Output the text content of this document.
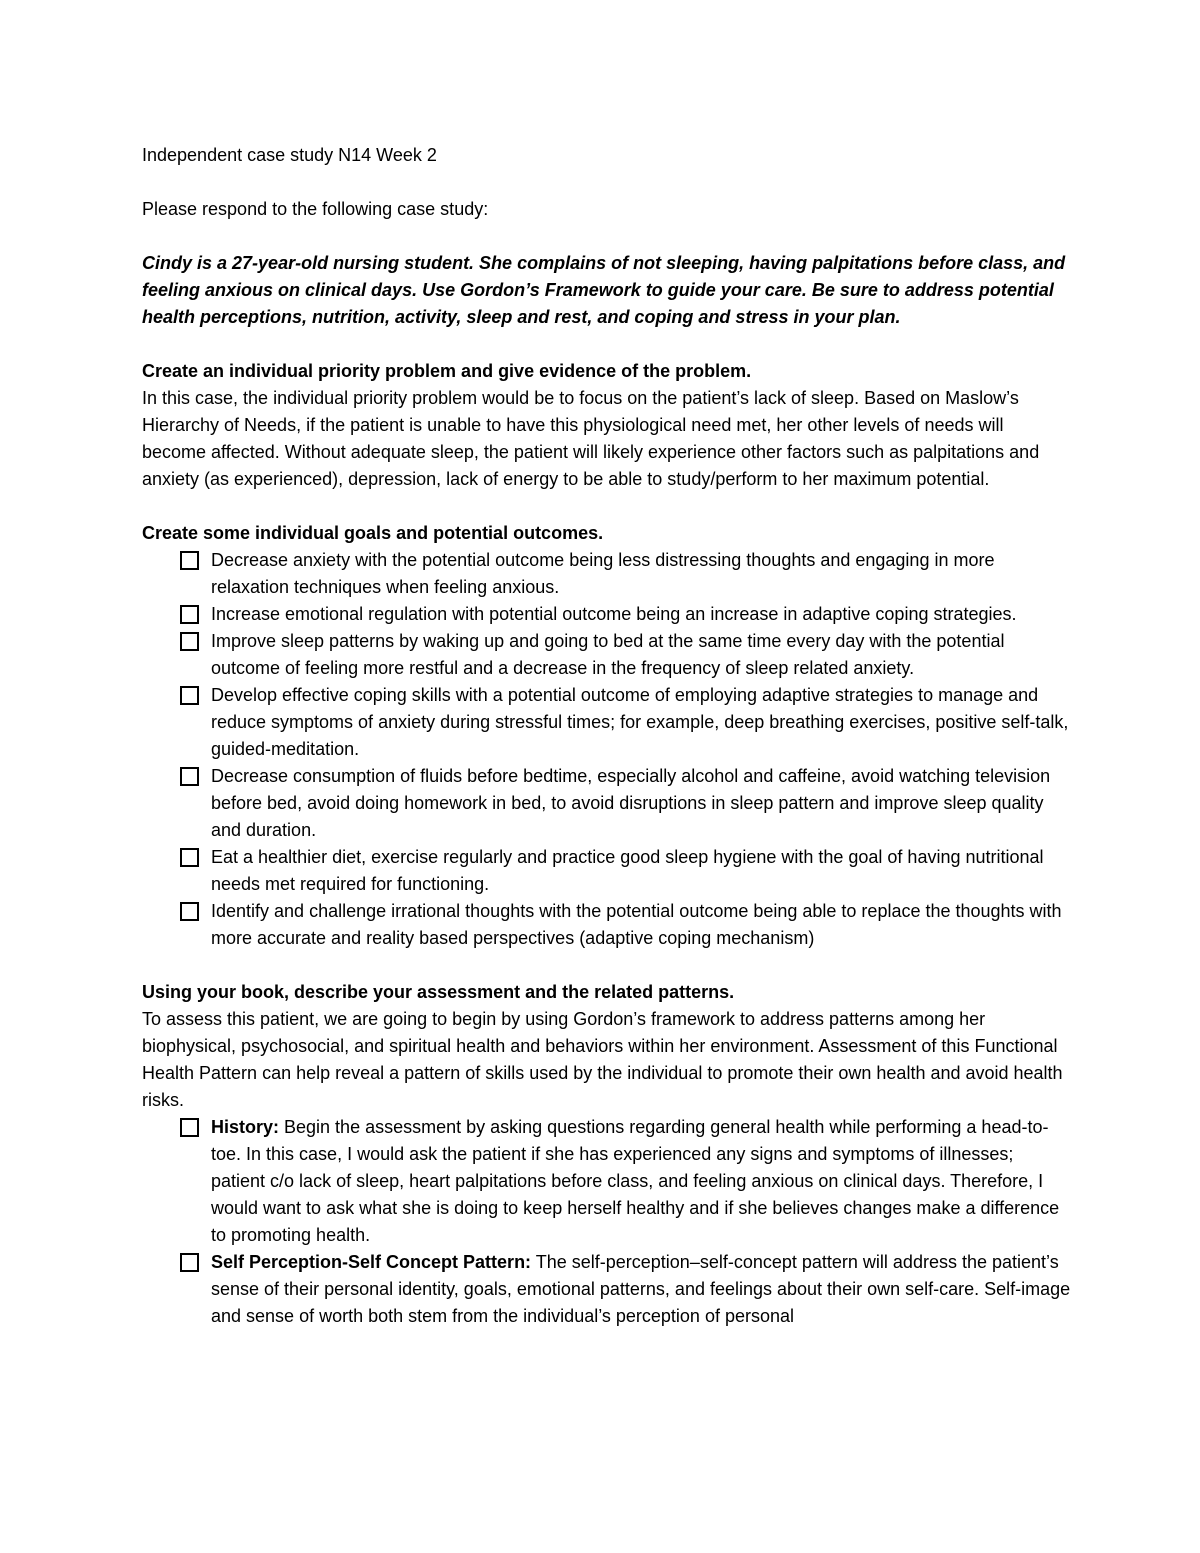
Independent case study N14 Week 2

Please respond to the following case study:

Cindy is a 27-year-old nursing student. She complains of not sleeping, having palpitations before class, and feeling anxious on clinical days. Use Gordon’s Framework to guide your care. Be sure to address potential health perceptions, nutrition, activity, sleep and rest, and coping and stress in your plan.

Create an individual priority problem and give evidence of the problem.

In this case, the individual priority problem would be to focus on the patient’s lack of sleep. Based on Maslow’s Hierarchy of Needs, if the patient is unable to have this physiological need met, her other levels of needs will become affected. Without adequate sleep, the patient will likely experience other factors such as palpitations and anxiety (as experienced), depression, lack of energy to be able to study/perform to her maximum potential.

Create some individual goals and potential outcomes.

Decrease anxiety with the potential outcome being less distressing thoughts and engaging in more relaxation techniques when feeling anxious.
Increase emotional regulation with potential outcome being an increase in adaptive coping strategies.
Improve sleep patterns by waking up and going to bed at the same time every day with the potential outcome of feeling more restful and a decrease in the frequency of sleep related anxiety.
Develop effective coping skills with a potential outcome of employing adaptive strategies to manage and reduce symptoms of anxiety during stressful times; for example, deep breathing exercises, positive self-talk, guided-meditation.
Decrease consumption of fluids before bedtime, especially alcohol and caffeine, avoid watching television before bed, avoid doing homework in bed, to avoid disruptions in sleep pattern and improve sleep quality and duration.
Eat a healthier diet, exercise regularly and practice good sleep hygiene with the goal of having nutritional needs met required for functioning.
Identify and challenge irrational thoughts with the potential outcome being able to replace the thoughts with more accurate and reality based perspectives (adaptive coping mechanism)

Using your book, describe your assessment and the related patterns.

To assess this patient, we are going to begin by using Gordon’s framework to address patterns among her biophysical, psychosocial, and spiritual health and behaviors within her environment. Assessment of this Functional Health Pattern can help reveal a pattern of skills used by the individual to promote their own health and avoid health risks.

History: Begin the assessment by asking questions regarding general health while performing a head-to-toe. In this case, I would ask the patient if she has experienced any signs and symptoms of illnesses; patient c/o lack of sleep, heart palpitations before class, and feeling anxious on clinical days. Therefore, I would want to ask what she is doing to keep herself healthy and if she believes changes make a difference to promoting health.
Self Perception-Self Concept Pattern: The self-perception–self-concept pattern will address the patient’s sense of their personal identity, goals, emotional patterns, and feelings about their own self-care. Self-image and sense of worth both stem from the individual’s perception of personal
